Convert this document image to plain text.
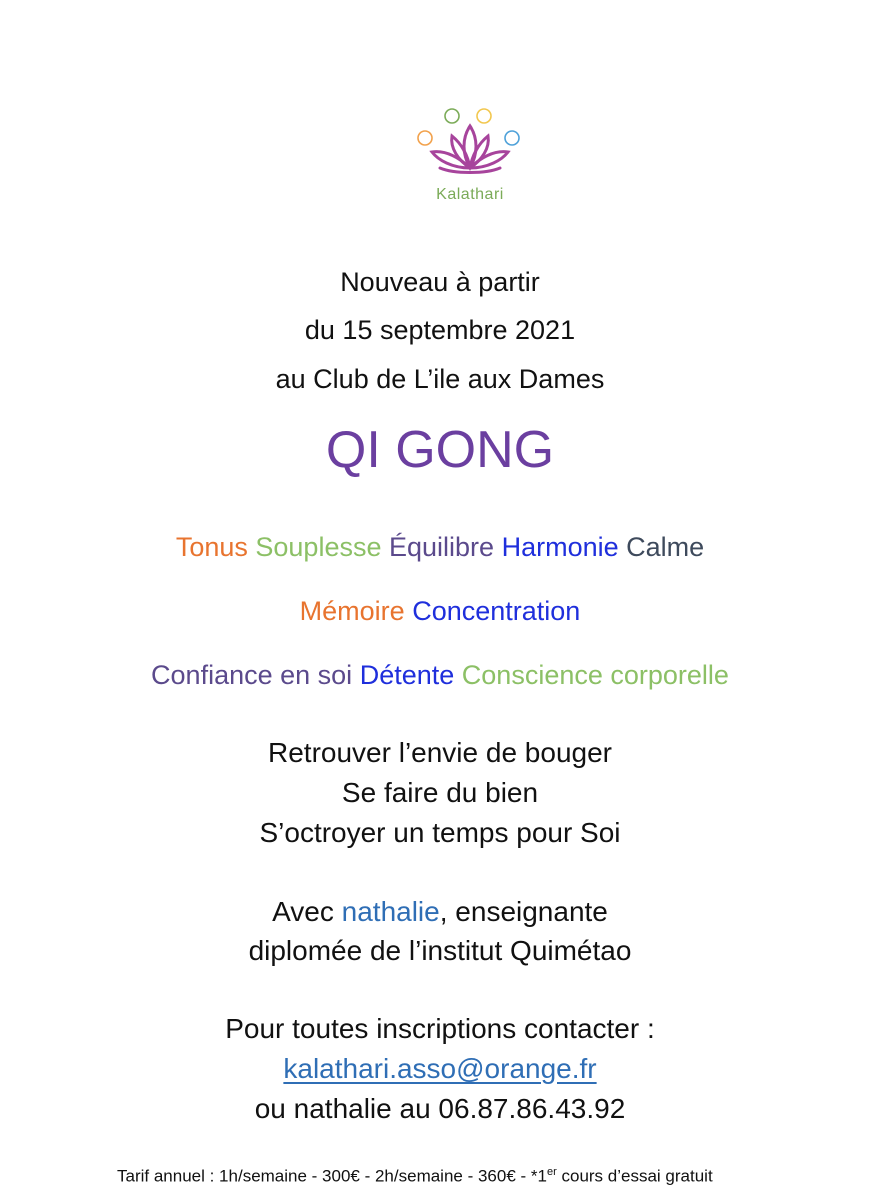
Kalathari
Nouveau à partir
du 15 septembre 2021
au Club de L’ile aux Dames
QI GONG
Tonus Souplesse Équilibre Harmonie Calme
Mémoire Concentration
Confiance en soi Détente Conscience corporelle
Retrouver l’envie de bouger
Se faire du bien
S’octroyer un temps pour Soi
Avec nathalie, enseignante
diplomée de l’institut Quimétao
Pour toutes inscriptions contacter :
kalathari.asso@orange.fr
ou nathalie au 06.87.86.43.92
Tarif annuel : 1h/semaine - 300€ - 2h/semaine - 360€ - *1er cours d’essai gratuit
